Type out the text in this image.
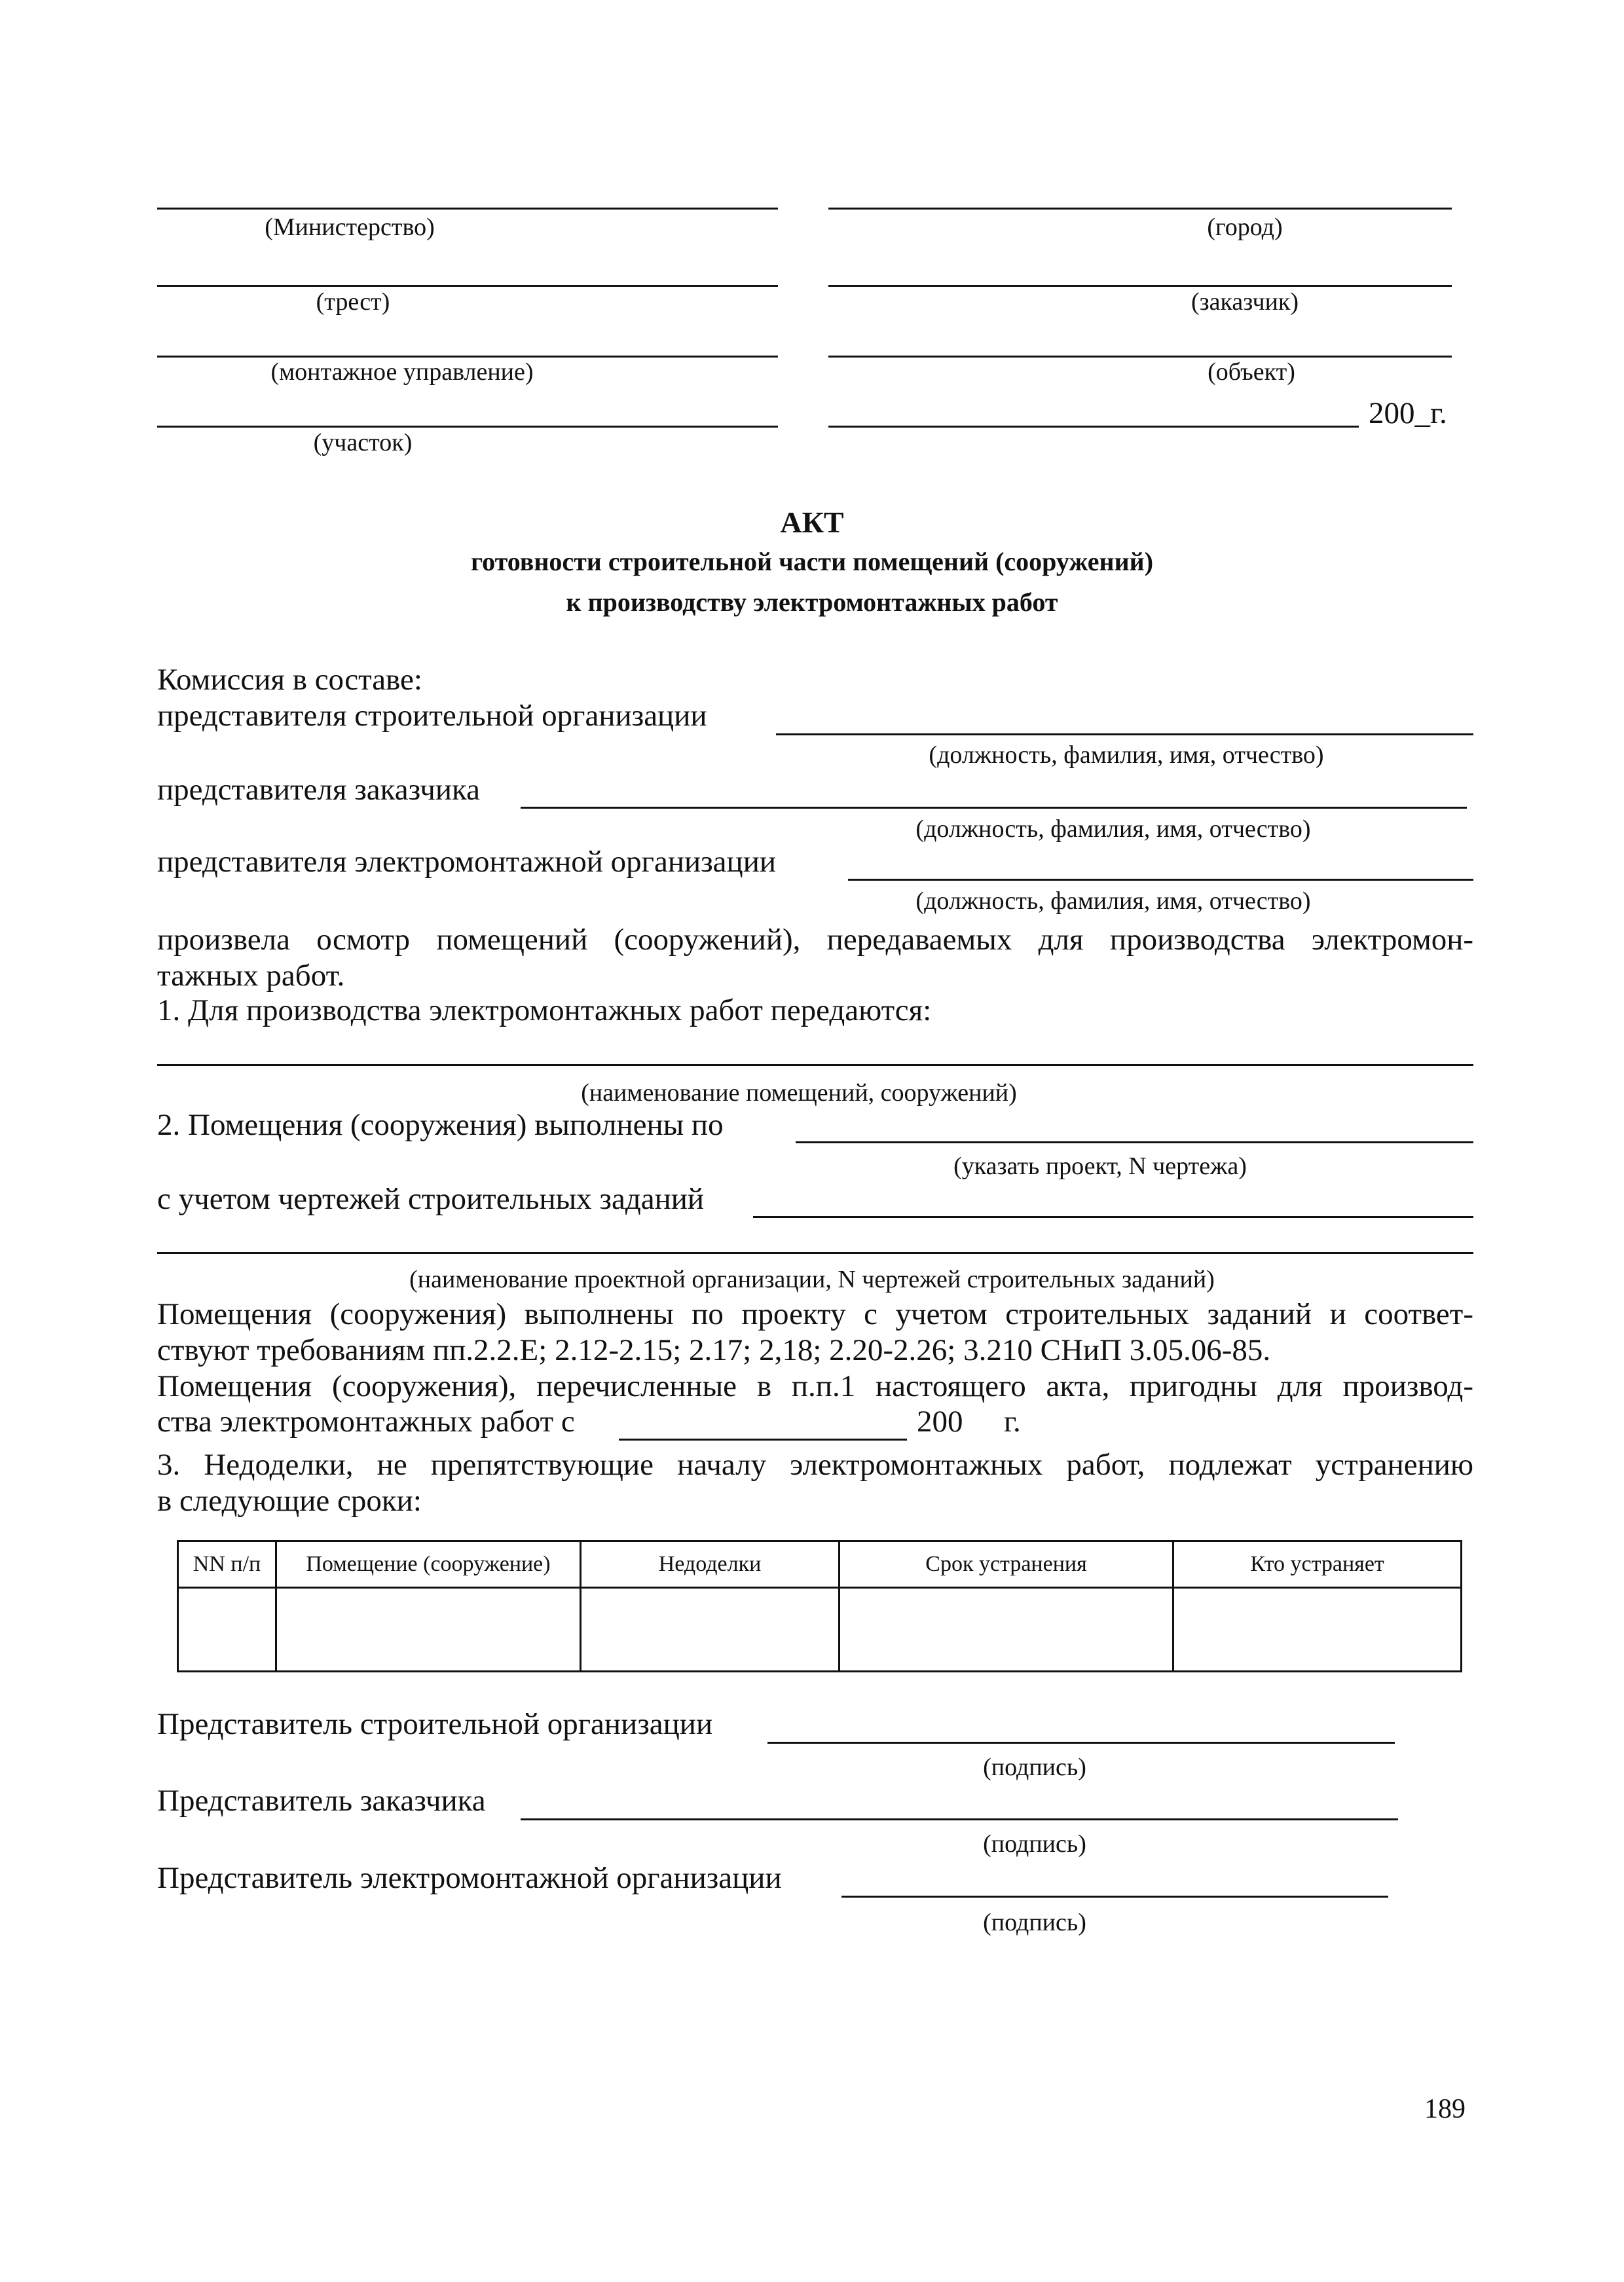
(Министерство)
(трест)
(монтажное управление)
(участок)
(город)
(заказчик)
(объект)
200_г.
АКТ
готовности строительной части помещений (сооружений)
к производству электромонтажных работ
Комиссия в составе:
представителя строительной организации
(должность, фамилия, имя, отчество)
представителя заказчика
(должность, фамилия, имя, отчество)
представителя электромонтажной организации
(должность, фамилия, имя, отчество)
произвела осмотр помещений (сооружений), передаваемых для производства электромон-
тажных работ.
1. Для производства электромонтажных работ передаются:
(наименование помещений, сооружений)
2. Помещения (сооружения) выполнены по
(указать проект, N чертежа)
с учетом чертежей строительных заданий
(наименование проектной организации, N чертежей строительных заданий)
Помещения (сооружения) выполнены по проекту с учетом строительных заданий и соответ-
ствуют требованиям пп.2.2.Е; 2.12-2.15; 2.17; 2,18; 2.20-2.26; 3.210 СНиП 3.05.06-85.
Помещения (сооружения), перечисленные в п.п.1 настоящего акта, пригодны для производ-
ства электромонтажных работ с	200 г.
3. Недоделки, не препятствующие началу электромонтажных работ, подлежат устранению
в следующие сроки:
NN п/п	Помещение (сооружение)	Недоделки	Срок устранения	Кто устраняет

Представитель строительной организации
(подпись)
Представитель заказчика
(подпись)
Представитель электромонтажной организации
(подпись)
189
